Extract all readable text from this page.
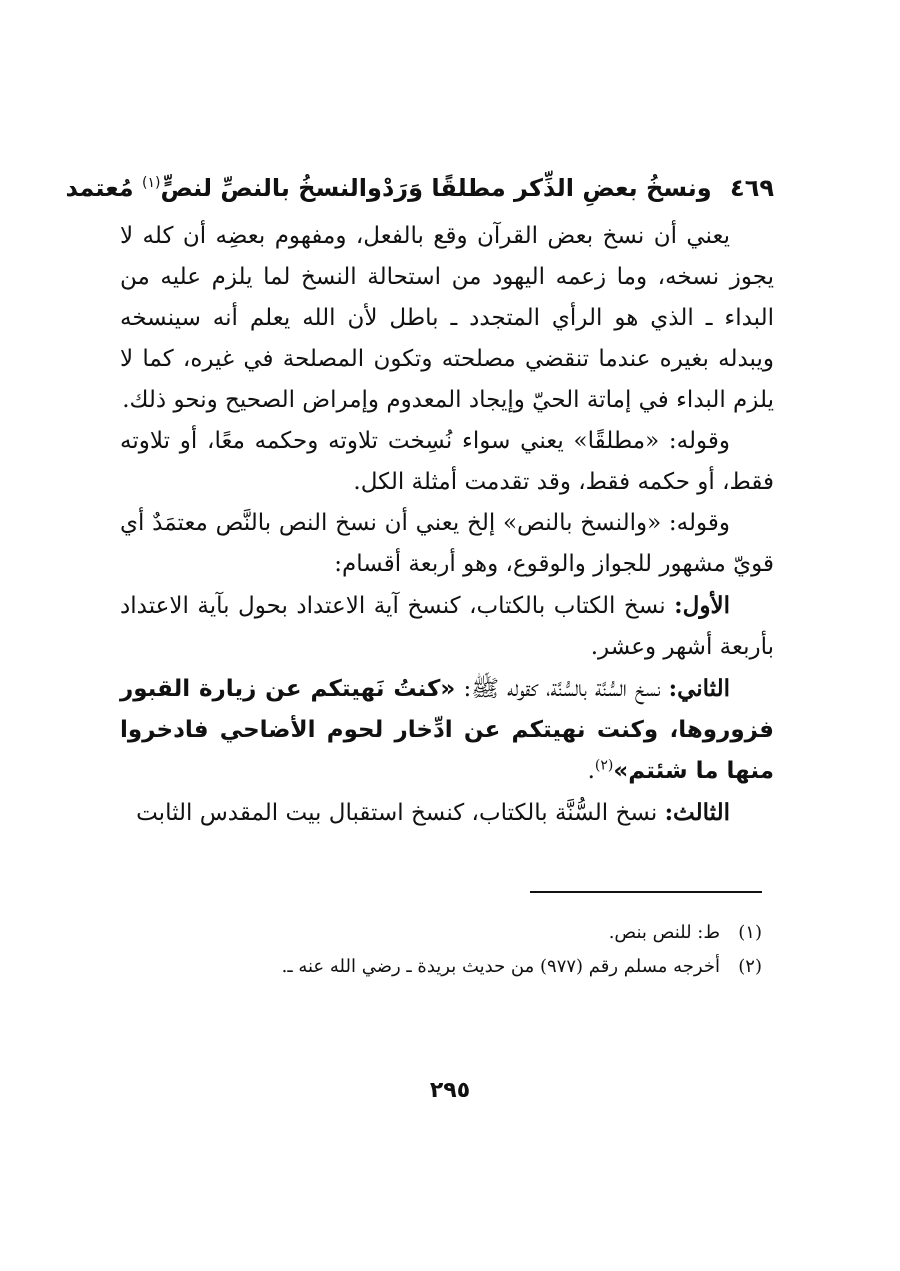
٤٦٩ ونسخُ بعضِ الذِّكر مطلقًا وَرَدْ
والنسخُ بالنصِّ لنصٍّ$^{(١)}$ مُعتمد

يعني أن نسخ بعض القرآن وقع بالفعل، ومفهوم بعضِه أن كله لا يجوز نسخه، وما زعمه اليهود من استحالة النسخ لما يلزم عليه من البداء ـ الذي هو الرأي المتجدد ـ باطل لأن الله يعلم أنه سينسخه ويبدله بغيره عندما تنقضي مصلحته وتكون المصلحة في غيره، كما لا يلزم البداء في إماتة الحيّ وإيجاد المعدوم وإمراض الصحيح ونحو ذلك.

وقوله: «مطلقًا» يعني سواء نُسِخت تلاوته وحكمه معًا، أو تلاوته فقط، أو حكمه فقط، وقد تقدمت أمثلة الكل.

وقوله: «والنسخ بالنص» إلخ يعني أن نسخ النص بالنَّص معتمَدٌ أي قويّ مشهور للجواز والوقوع، وهو أربعة أقسام:

الأول: نسخ الكتاب بالكتاب، كنسخ آية الاعتداد بحول بآية الاعتداد بأربعة أشهر وعشر.

الثاني: نسخ السُّنَّة بالسُّنَّة، كقوله ﷺ: «كنتُ نَهيتكم عن زيارة القبور فزوروها، وكنت نهيتكم عن ادِّخار لحوم الأضاحي فادخروا منها ما شئتم»$^{(٢)}$.

الثالث: نسخ السُّنَّة بالكتاب، كنسخ استقبال بيت المقدس الثابت

(١)
ط: للنص بنص.
(٢)
أخرجه مسلم رقم (٩٧٧) من حديث بريدة ـ رضي الله عنه ـ.
٢٩٥
